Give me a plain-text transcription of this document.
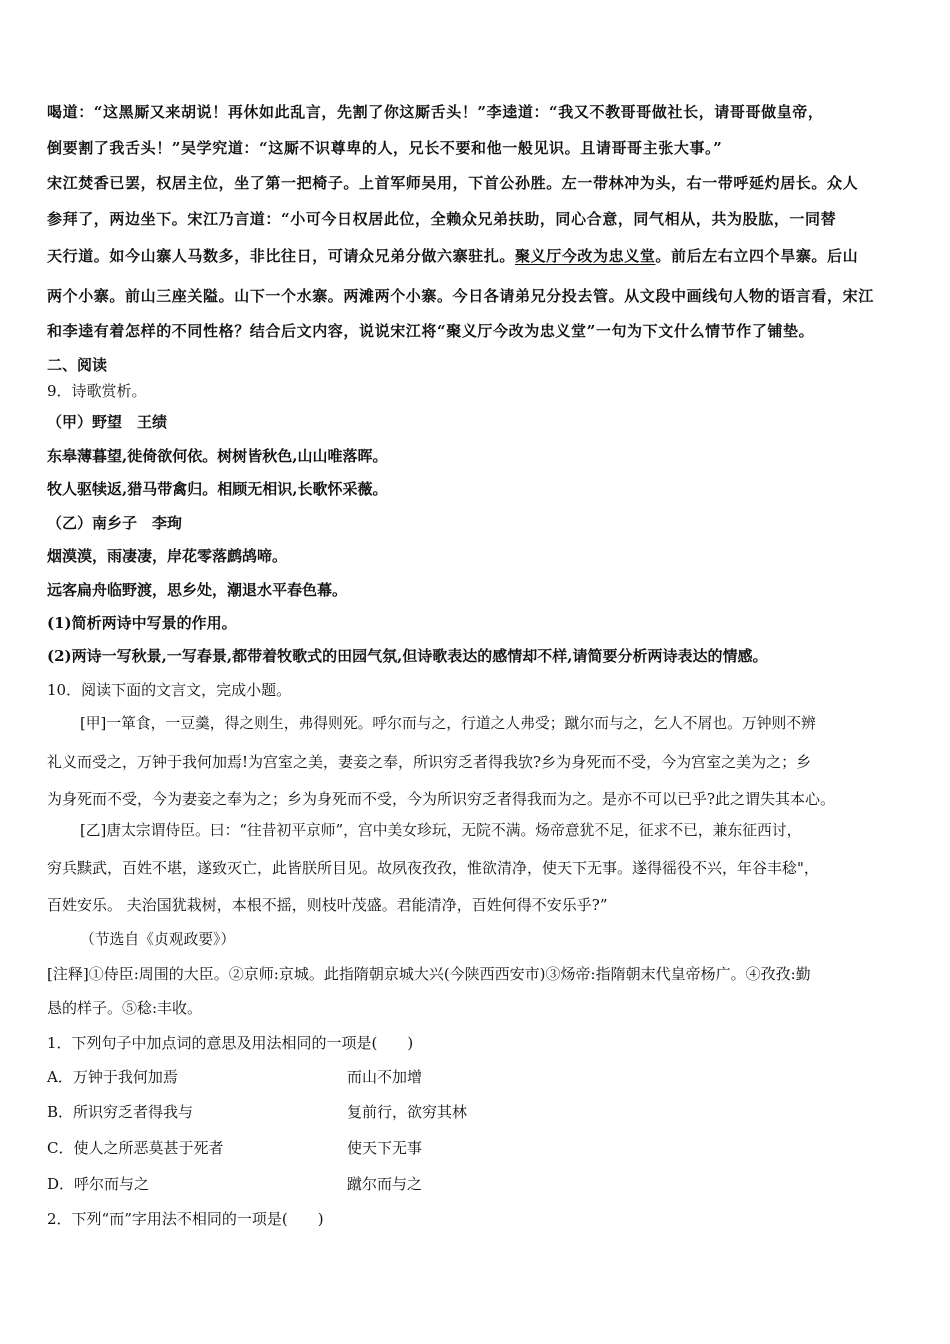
喝道：“这黑厮又来胡说！再休如此乱言，先割了你这厮舌头！”李逵道：“我又不教哥哥做社长，请哥哥做皇帝，
倒要割了我舌头！”吴学究道：“这厮不识尊卑的人，兄长不要和他一般见识。且请哥哥主张大事。”
宋江焚香已罢，权居主位，坐了第一把椅子。上首军师吴用，下首公孙胜。左一带林冲为头，右一带呼延灼居长。众人
参拜了，两边坐下。宋江乃言道：“小可今日权居此位，全赖众兄弟扶助，同心合意，同气相从，共为股肱，一同替
天行道。如今山寨人马数多，非比往日，可请众兄弟分做六寨驻扎。聚义厅今改为忠义堂。前后左右立四个旱寨。后山
两个小寨。前山三座关隘。山下一个水寨。两滩两个小寨。今日各请弟兄分投去管。从文段中画线句人物的语言看，宋江
和李逵有着怎样的不同性格？结合后文内容，说说宋江将“聚义厅今改为忠义堂”一句为下文什么情节作了铺垫。
二、阅读
9．诗歌赏析。
（甲）野望　王绩
东皋薄暮望,徙倚欲何依。树树皆秋色,山山唯落晖。
牧人驱犊返,猎马带禽归。相顾无相识,长歌怀采薇。
（乙）南乡子　李珣
烟漠漠，雨凄凄，岸花零落鹧鸪啼。
远客扁舟临野渡，思乡处，潮退水平春色幕。
(1)简析两诗中写景的作用。
(2)两诗一写秋景,一写春景,都带着牧歌式的田园气氛,但诗歌表达的感情却不样,请简要分析两诗表达的情感。
10．阅读下面的文言文，完成小题。
[甲]一箪食，一豆羹，得之则生，弗得则死。呼尔而与之，行道之人弗受；蹴尔而与之，乞人不屑也。万钟则不辨
礼义而受之，万钟于我何加焉!为宫室之美，妻妾之奉，所识穷乏者得我欤?乡为身死而不受，今为宫室之美为之；乡
为身死而不受，今为妻妾之奉为之；乡为身死而不受，今为所识穷乏者得我而为之。是亦不可以已乎?此之谓失其本心。
[乙]唐太宗谓侍臣。曰：“往昔初平京师”，宫中美女珍玩，无院不满。炀帝意犹不足，征求不已，兼东征西讨，
穷兵黩武，百姓不堪，遂致灭亡，此皆朕所目见。故夙夜孜孜，惟欲清净，使天下无事。遂得徭役不兴，年谷丰稔"，
百姓安乐。 夫治国犹栽树，本根不摇，则枝叶茂盛。君能清净，百姓何得不安乐乎?”
（节选自《贞观政要》）
[注释]①侍臣:周围的大臣。②京师:京城。此指隋朝京城大兴(今陕西西安市)③炀帝:指隋朝末代皇帝杨广。④孜孜:勤
恳的样子。⑤稔:丰收。
1．下列句子中加点词的意思及用法相同的一项是(　　)
A．万钟于我何加焉	而山不加增
B．所识穷乏者得我与	复前行，欲穷其林
C．使人之所恶莫甚于死者	使天下无事
D．呼尔而与之	蹴尔而与之
2．下列“而”字用法不相同的一项是(　　)
